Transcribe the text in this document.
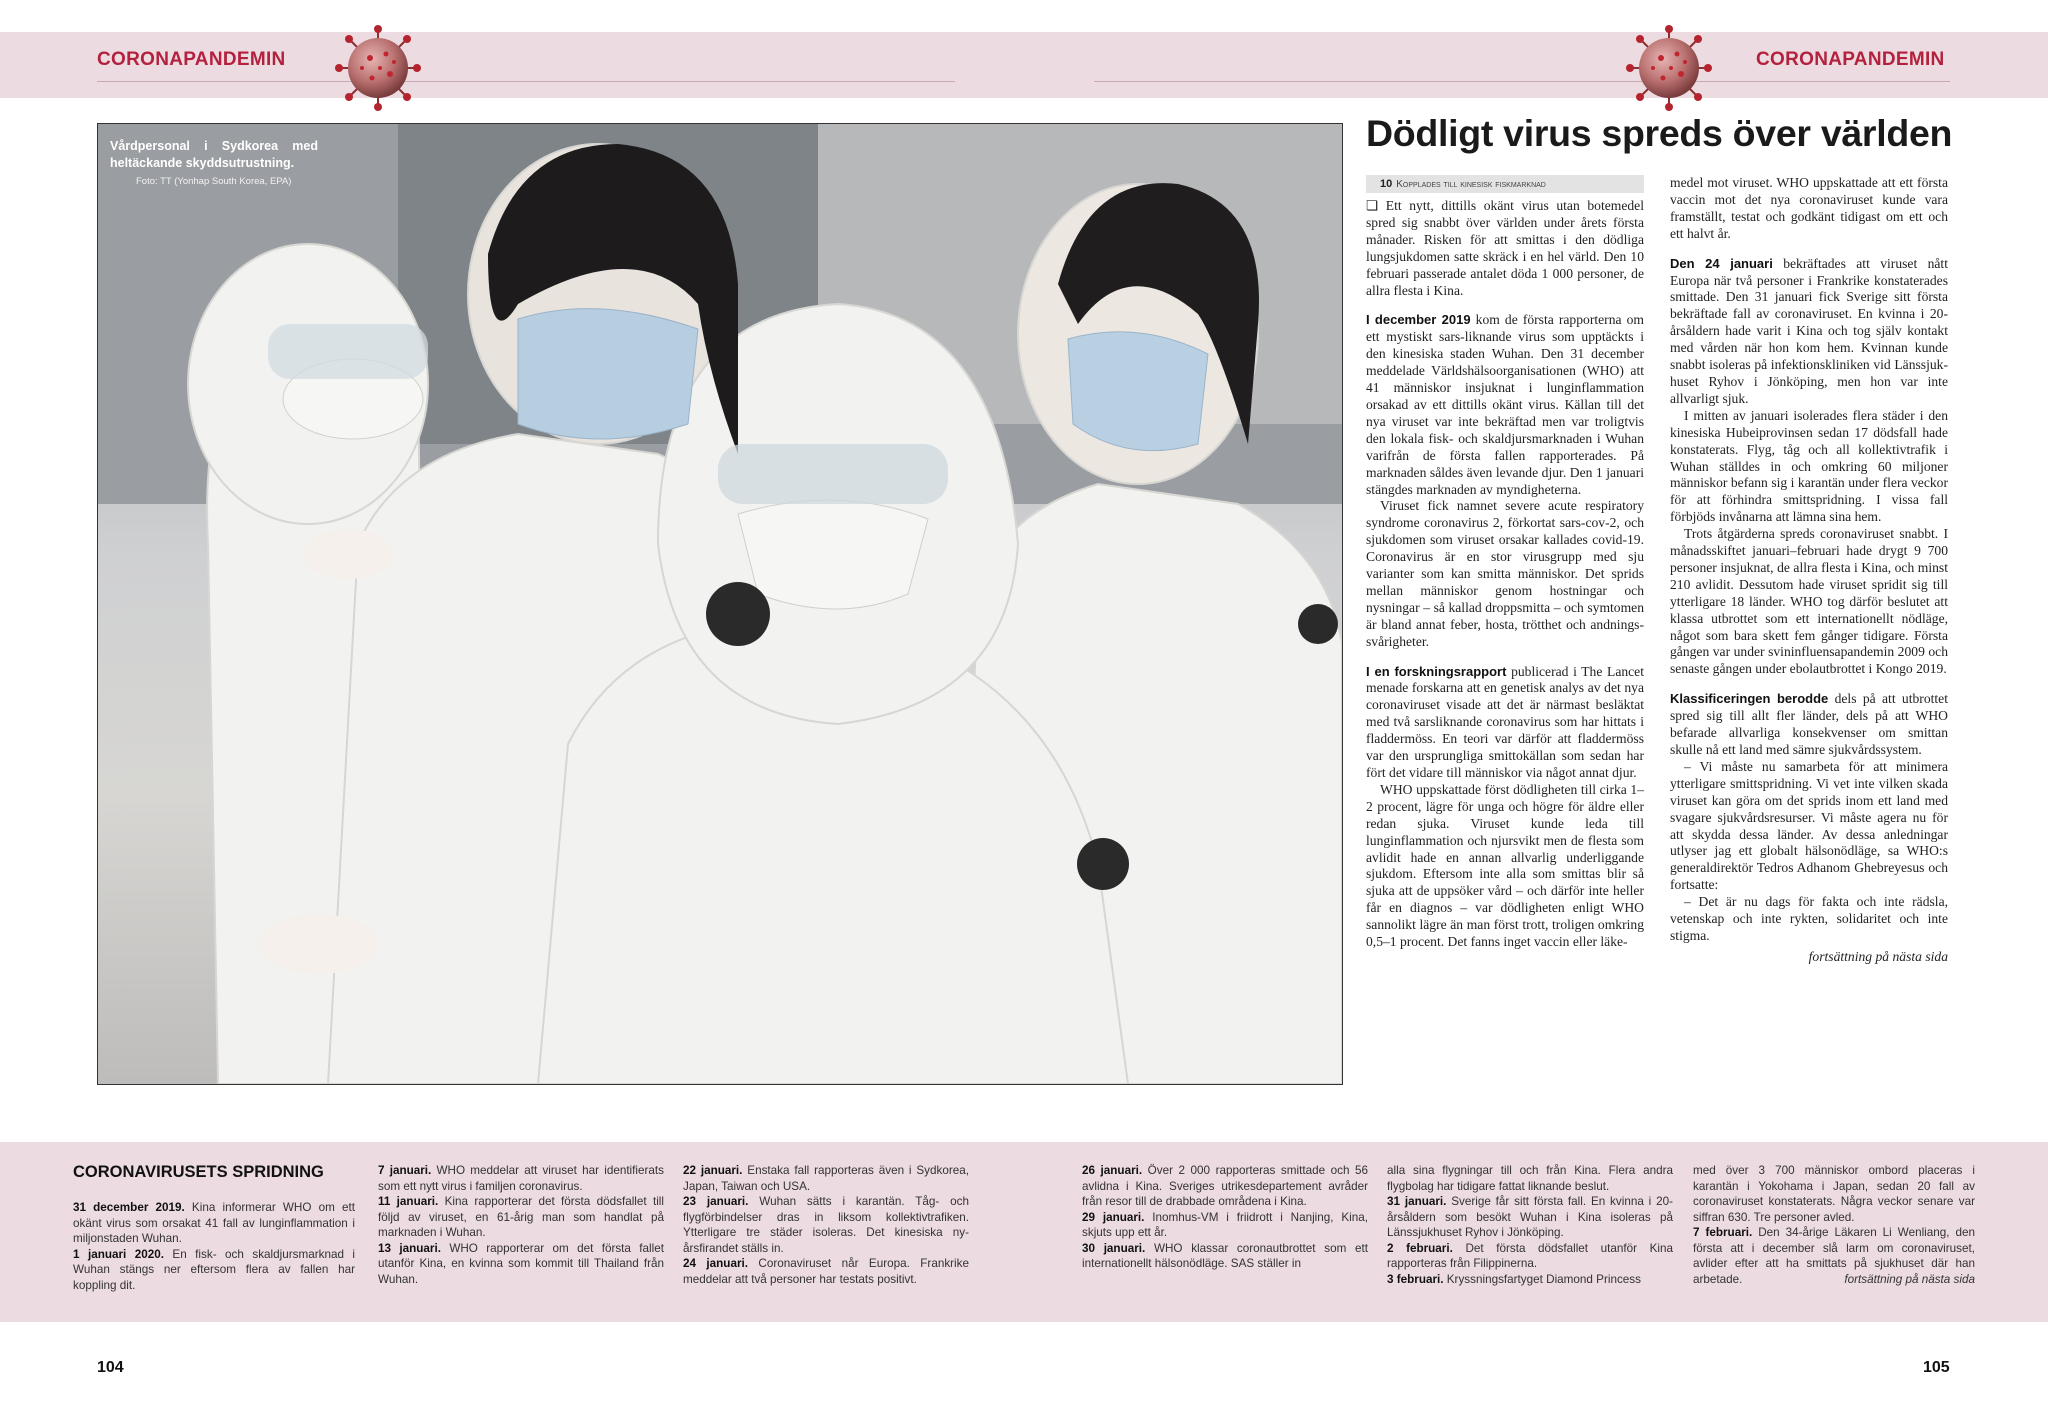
CORONAPANDEMIN	CORONAPANDEMIN
Vårdpersonal i Sydkorea med heltäckande skyddsutrustning.
Foto: TT (Yonhap South Korea, EPA)
Dödligt virus spreds över världen
10 Kopplades till kinesisk fiskmarknad

❏ Ett nytt, dittills okänt virus utan botemedel spred sig snabbt över världen under årets första månader. Risken för att smittas i den dödliga lungsjukdomen satte skräck i en hel värld. Den 10 februari passerade antalet döda 1 000 personer, de allra flesta i Kina.

I december 2019 kom de första rapporterna om ett mystiskt sars-liknande virus som upptäckts i den kinesiska staden Wuhan. Den 31 december meddelade Världshälsoorganisationen (WHO) att 41 människor insjuknat i lunginflammation orsakad av ett dittills okänt virus. Källan till det nya viruset var inte bekräftad men var troligtvis den lokala fisk- och skaldjursmarknaden i Wuhan varifrån de första fallen rapporterades. På marknaden såldes även levande djur. Den 1 januari stängdes marknaden av myndigheterna.

Viruset fick namnet severe acute respiratory syndrome coronavirus 2, förkortat sars-cov-2, och sjukdomen som viruset orsakar kallades covid-19. Coronavirus är en stor virusgrupp med sju varianter som kan smitta människor. Det sprids mellan människor genom hostningar och nysningar – så kallad droppsmitta – och symtomen är bland annat feber, hosta, trötthet och andningssvårigheter.

I en forskningsrapport publicerad i The Lancet menade forskarna att en genetisk analys av det nya coronaviruset visade att det är närmast besläktat med två sarsliknande coronavirus som har hittats i fladdermöss. En teori var därför att fladdermöss var den ursprungliga smittokällan som sedan har fört det vidare till människor via något annat djur.

WHO uppskattade först dödligheten till cirka 1–2 procent, lägre för unga och högre för äldre eller redan sjuka. Viruset kunde leda till lunginflammation och njursvikt men de flesta som avlidit hade en annan allvarlig underliggande sjukdom. Eftersom inte alla som smittas blir så sjuka att de uppsöker vård – och därför inte heller får en diagnos – var dödligheten enligt WHO sannolikt lägre än man först trott, troligen omkring 0,5–1 procent. Det fanns inget vaccin eller läke-

medel mot viruset. WHO uppskattade att ett första vaccin mot det nya coronaviruset kunde vara framställt, testat och godkänt tidigast om ett och ett halvt år.

Den 24 januari bekräftades att viruset nått Europa när två personer i Frankrike konstaterades smittade. Den 31 januari fick Sverige sitt första bekräftade fall av coronaviruset. En kvinna i 20-årsåldern hade varit i Kina och tog själv kontakt med vården när hon kom hem. Kvinnan kunde snabbt isoleras på infektionskliniken vid Länssjukhuset Ryhov i Jönköping, men hon var inte allvarligt sjuk.

I mitten av januari isolerades flera städer i den kinesiska Hubeiprovinsen sedan 17 dödsfall hade konstaterats. Flyg, tåg och all kollektivtrafik i Wuhan ställdes in och omkring 60 miljoner människor befann sig i karantän under flera veckor för att förhindra smittspridning. I vissa fall förbjöds invånarna att lämna sina hem.

Trots åtgärderna spreds coronaviruset snabbt. I månadsskiftet januari–februari hade drygt 9 700 personer insjuknat, de allra flesta i Kina, och minst 210 avlidit. Dessutom hade viruset spridit sig till ytterligare 18 länder. WHO tog därför beslutet att klassa utbrottet som ett internationellt nödläge, något som bara skett fem gånger tidigare. Första gången var under svininfluensapandemin 2009 och senaste gången under ebolautbrottet i Kongo 2019.

Klassificeringen berodde dels på att utbrottet spred sig till allt fler länder, dels på att WHO befarade allvarliga konsekvenser om smittan skulle nå ett land med sämre sjukvårdssystem.

– Vi måste nu samarbeta för att minimera ytterligare smittspridning. Vi vet inte vilken skada viruset kan göra om det sprids inom ett land med svagare sjukvårdsresurser. Vi måste agera nu för att skydda dessa länder. Av dessa anledningar utlyser jag ett globalt hälsonödläge, sa WHO:s generaldirektör Tedros Adhanom Ghebreyesus och fortsatte:

– Det är nu dags för fakta och inte rädsla, vetenskap och inte rykten, solidaritet och inte stigma.

fortsättning på nästa sida

CORONAVIRUSETS SPRIDNING

31 december 2019. Kina informerar WHO om ett okänt virus som orsakat 41 fall av lunginflammation i miljonstaden Wuhan.

1 januari 2020. En fisk- och skaldjursmarknad i Wuhan stängs ner eftersom flera av fallen har koppling dit.

7 januari. WHO meddelar att viruset har identifierats som ett nytt virus i familjen coronavirus.

11 januari. Kina rapporterar det första dödsfallet till följd av viruset, en 61-årig man som handlat på marknaden i Wuhan.

13 januari. WHO rapporterar om det första fallet utanför Kina, en kvinna som kommit till Thailand från Wuhan.

22 januari. Enstaka fall rapporteras även i Sydkorea, Japan, Taiwan och USA.

23 januari. Wuhan sätts i karantän. Tåg- och flygförbindelser dras in liksom kollektivtrafiken. Ytterligare tre städer isoleras. Det kinesiska nyårsfirandet ställs in.

24 januari. Coronaviruset når Europa. Frankrike meddelar att två personer har testats positivt.

26 januari. Över 2 000 rapporteras smittade och 56 avlidna i Kina. Sveriges utrikesdepartement avråder från resor till de drabbade områdena i Kina.

29 januari. Inomhus-VM i friidrott i Nanjing, Kina, skjuts upp ett år.

30 januari. WHO klassar coronautbrottet som ett internationellt hälsonödläge. SAS ställer in

alla sina flygningar till och från Kina. Flera andra flygbolag har tidigare fattat liknande beslut.

31 januari. Sverige får sitt första fall. En kvinna i 20-årsåldern som besökt Wuhan i Kina isoleras på Länssjukhuset Ryhov i Jönköping.

2 februari. Det första dödsfallet utanför Kina rapporteras från Filippinerna.

3 februari. Kryssningsfartyget Diamond Princess

med över 3 700 människor ombord placeras i karantän i Yokohama i Japan, sedan 20 fall av coronaviruset konstaterats. Några veckor senare var siffran 630. Tre personer avled.

7 februari. Den 34-årige Läkaren Li Wenliang, den första att i december slå larm om coronaviruset, avlider efter att ha smittats på sjukhuset där han arbetade.	fortsättning på nästa sida

104	105
